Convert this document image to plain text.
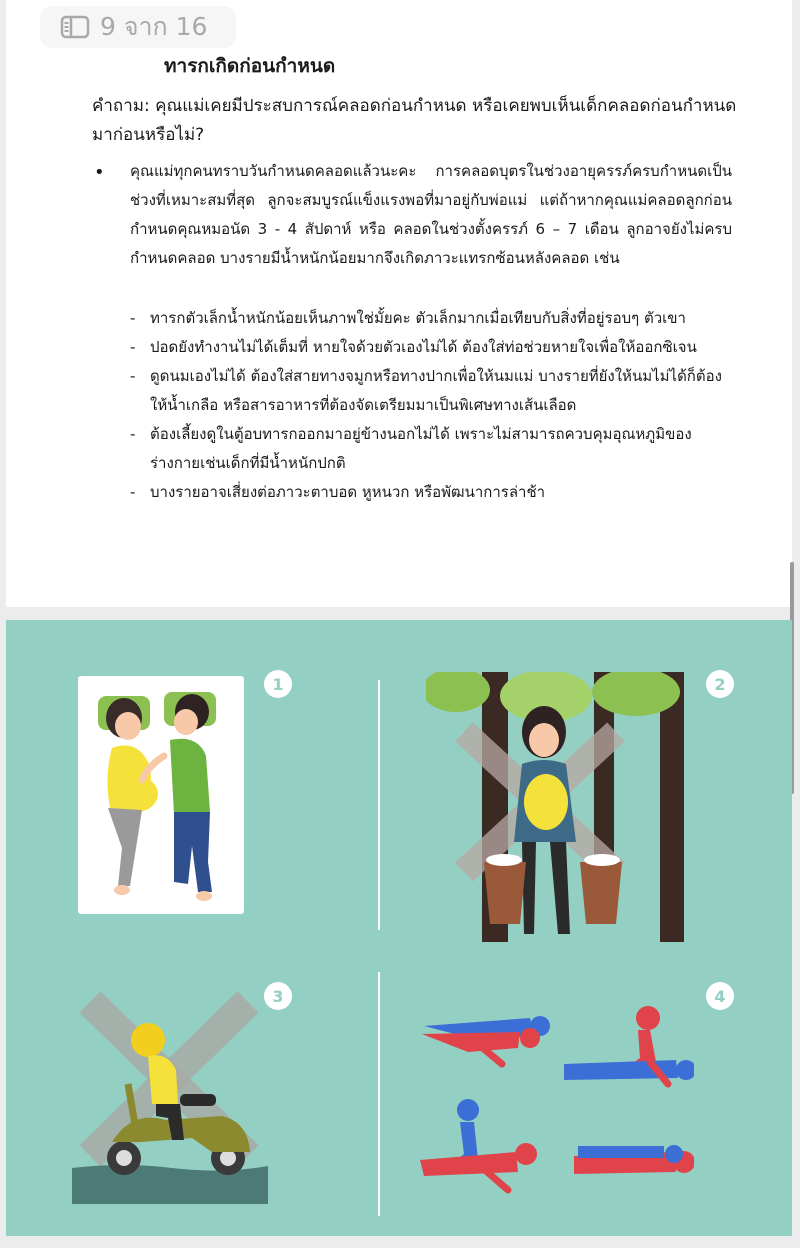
ทารกเกิดก่อนกำหนด
คำถาม: คุณแม่เคยมีประสบการณ์คลอดก่อนกำหนด หรือเคยพบเห็นเด็กคลอดก่อนกำหนดมาก่อนหรือไม่?
• คุณแม่ทุกคนทราบวันกำหนดคลอดแล้วนะคะ การคลอดบุตรในช่วงอายุครรภ์ครบกำหนดเป็นช่วงที่เหมาะสมที่สุด ลูกจะสมบูรณ์แข็งแรงพอที่มาอยู่กับพ่อแม่ แต่ถ้าหากคุณแม่คลอดลูกก่อนกำหนดคุณหมอนัด 3 - 4 สัปดาห์ หรือ คลอดในช่วงตั้งครรภ์ 6 – 7 เดือน ลูกอาจยังไม่ครบกำหนดคลอด บางรายมีน้ำหนักน้อยมากจึงเกิดภาวะแทรกซ้อนหลังคลอด เช่น
- ทารกตัวเล็กน้ำหนักน้อยเห็นภาพใช่มั้ยคะ ตัวเล็กมากเมื่อเทียบกับสิ่งที่อยู่รอบๆ ตัวเขา
- ปอดยังทำงานไม่ได้เต็มที่ หายใจด้วยตัวเองไม่ได้ ต้องใส่ท่อช่วยหายใจเพื่อให้ออกซิเจน
- ดูดนมเองไม่ได้ ต้องใส่สายทางจมูกหรือทางปากเพื่อให้นมแม่ บางรายที่ยังให้นมไม่ได้ก็ต้องให้น้ำเกลือ หรือสารอาหารที่ต้องจัดเตรียมมาเป็นพิเศษทางเส้นเลือด
- ต้องเลี้ยงดูในตู้อบทารกออกมาอยู่ข้างนอกไม่ได้ เพราะไม่สามารถควบคุมอุณหภูมิของร่างกายเช่นเด็กที่มีน้ำหนักปกติ
- บางรายอาจเสี่ยงต่อภาวะตาบอด หูหนวก หรือพัฒนาการล่าช้า
9 จาก 16
1	2
3	4
